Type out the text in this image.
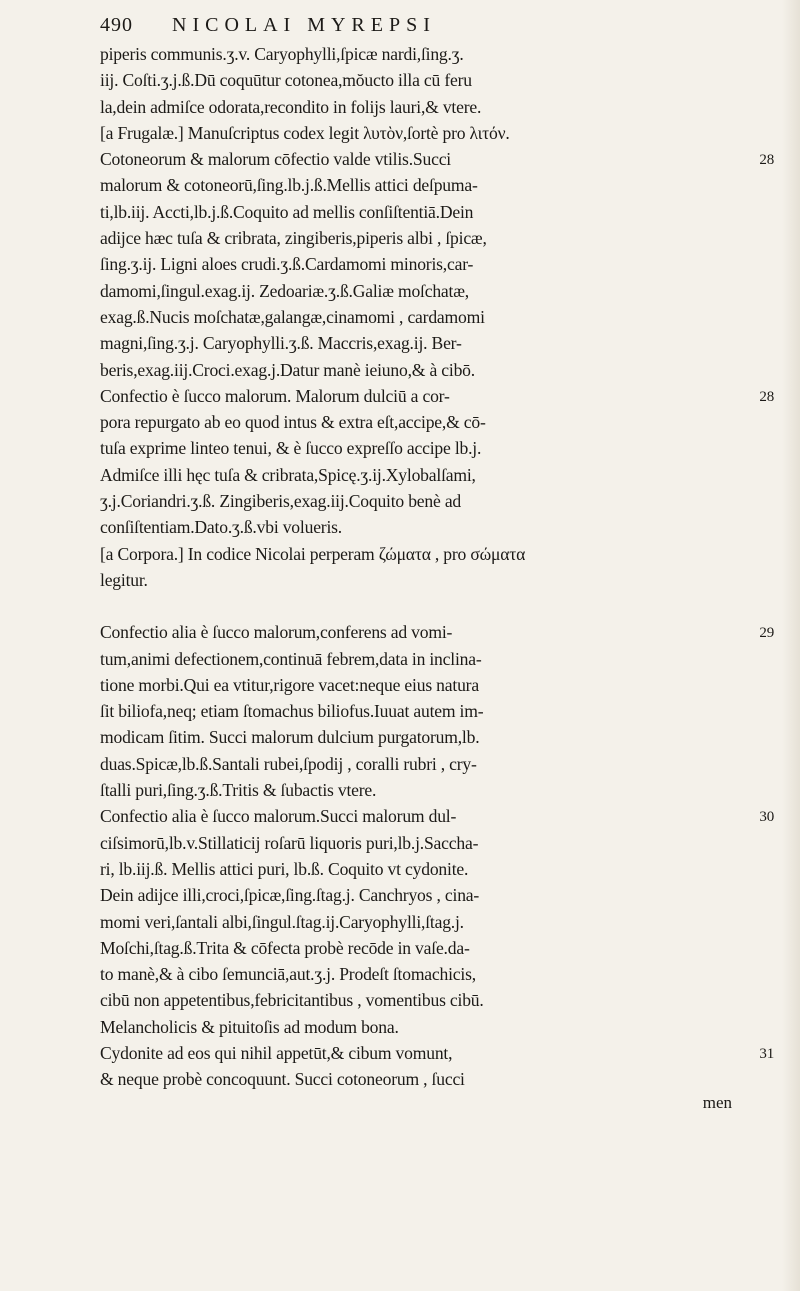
490	NICOLAI MYREPSI
piperis communis.ʒ.v. Caryophylli,ſpicæ nardi,ſing.ʒ.
iij. Coſti.ʒ.j.ß.Dū coquūtur cotonea,mŏucto illa cū feru
la,dein admiſce odorata,recondito in folijs lauri,& vtere.
[a Frugalæ.] Manuſcriptus codex legit λυτὸν,ſortè pro λιτόν.
Cotoneorum & malorum cōfectio valde vtilis.Succi
malorum & cotoneorū,ſing.lb.j.ß.Mellis attici deſpuma-
ti,lb.iij. Accti,lb.j.ß.Coquito ad mellis conſiſtentiā.Dein
adijce hæc tuſa & cribrata, zingiberis,piperis albi , ſpicæ,
ſing.ʒ.ij. Ligni aloes crudi.ʒ.ß.Cardamomi minoris,car-
damomi,ſingul.exag.ij. Zedoariæ.ʒ.ß.Galiæ moſchatæ,
exag.ß.Nucis moſchatæ,galangæ,cinamomi , cardamomi
magni,ſing.ʒ.j. Caryophylli.ʒ.ß. Maccris,exag.ij. Ber-
beris,exag.iij.Croci.exag.j.Datur manè ieiuno,& à cibō.
Confectio è ſucco malorum. Malorum dulciū a cor-
pora repurgato ab eo quod intus & extra eſt,accipe,& cō-
tuſa exprime linteo tenui, & è ſucco expreſſo accipe lb.j.
Admiſce illi hęc tuſa & cribrata,Spicę.ʒ.ij.Xylobalſami,
ʒ.j.Coriandri.ʒ.ß. Zingiberis,exag.iij.Coquito benè ad
conſiſtentiam.Dato.ʒ.ß.vbi volueris.
[a Corpora.] In codice Nicolai perperam ζώματα , pro σώματα
legitur.
28
28
Confectio alia è ſucco malorum,conferens ad vomi-
tum,animi defectionem,continuā febrem,data in inclina-
tione morbi.Qui ea vtitur,rigore vacet:neque eius natura
ſit biliofa,neq; etiam ſtomachus biliofus.Iuuat autem im-
modicam ſitim. Succi malorum dulcium purgatorum,lb.
duas.Spicæ,lb.ß.Santali rubei,ſpodij , coralli rubri , cry-
ſtalli puri,ſing.ʒ.ß.Tritis & ſubactis vtere.
Confectio alia è ſucco malorum.Succi malorum dul-
ciſsimorū,lb.v.Stillaticij roſarū liquoris puri,lb.j.Saccha-
ri, lb.iij.ß. Mellis attici puri, lb.ß. Coquito vt cydonite.
Dein adijce illi,croci,ſpicæ,ſing.ſtag.j. Canchryos , cina-
momi veri,ſantali albi,ſingul.ſtag.ij.Caryophylli,ſtag.j.
Moſchi,ſtag.ß.Trita & cōfecta probè recōde in vaſe.da-
to manè,& à cibo ſemunciā,aut.ʒ.j. Prodeſt ſtomachicis,
cibū non appetentibus,febricitantibus , vomentibus cibū.
Melancholicis & pituitoſis ad modum bona.
Cydonite ad eos qui nihil appetūt,& cibum vomunt,
& neque probè concoquunt. Succi cotoneorum , ſucci
29
30
31
men
